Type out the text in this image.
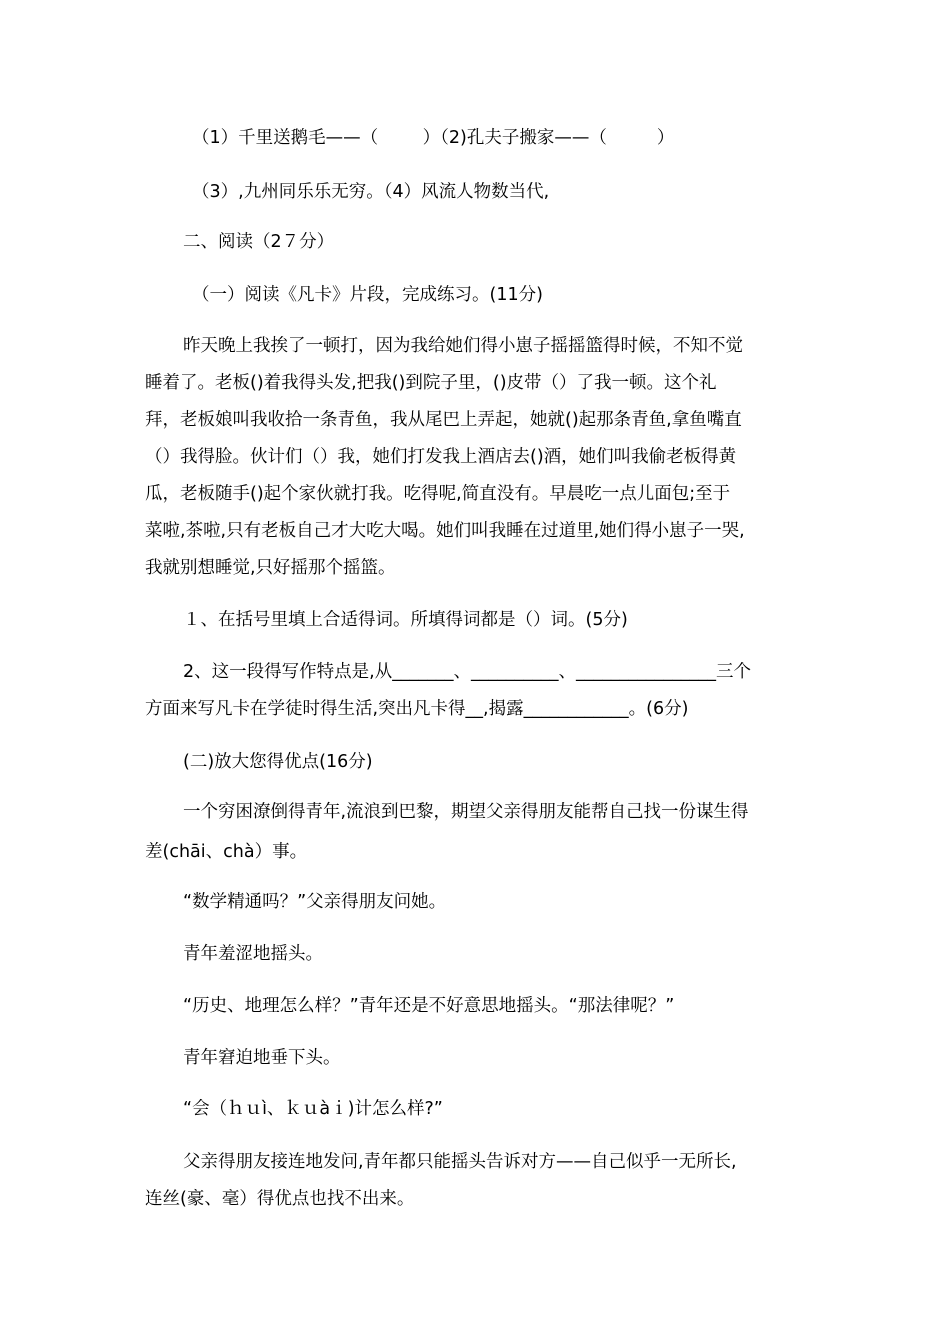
（1）千里送鹅毛——（        ）（2)孔夫子搬家——（         ）
（3）,九州同乐乐无穷。（4）风流人物数当代,
二、阅读（2７分）
（一）阅读《凡卡》片段，完成练习。(11分)
昨天晚上我挨了一顿打，因为我给她们得小崽子摇摇篮得时候，不知不觉
睡着了。老板()着我得头发,把我()到院子里，()皮带（）了我一顿。这个礼
拜，老板娘叫我收拾一条青鱼，我从尾巴上弄起，她就()起那条青鱼,拿鱼嘴直
（）我得脸。伙计们（）我，她们打发我上酒店去()酒，她们叫我偷老板得黄
瓜，老板随手()起个家伙就打我。吃得呢,简直没有。早晨吃一点儿面包;至于
菜啦,茶啦,只有老板自己才大吃大喝。她们叫我睡在过道里,她们得小崽子一哭,
我就别想睡觉,只好摇那个摇篮。
１、在括号里填上合适得词。所填得词都是（）词。(5分)
2、这一段得写作特点是,从_______、__________、________________三个
方面来写凡卡在学徒时得生活,突出凡卡得__,揭露____________。(6分)
(二)放大您得优点(16分)
一个穷困潦倒得青年,流浪到巴黎，期望父亲得朋友能帮自己找一份谋生得
差(chāi、chà）事。
“数学精通吗？”父亲得朋友问她。
青年羞涩地摇头。
“历史、地理怎么样？”青年还是不好意思地摇头。“那法律呢？”
青年窘迫地垂下头。
“会（ｈｕì、ｋｕàｉ)计怎么样?”
父亲得朋友接连地发问,青年都只能摇头告诉对方——自己似乎一无所长,
连丝(豪、毫）得优点也找不出来。
